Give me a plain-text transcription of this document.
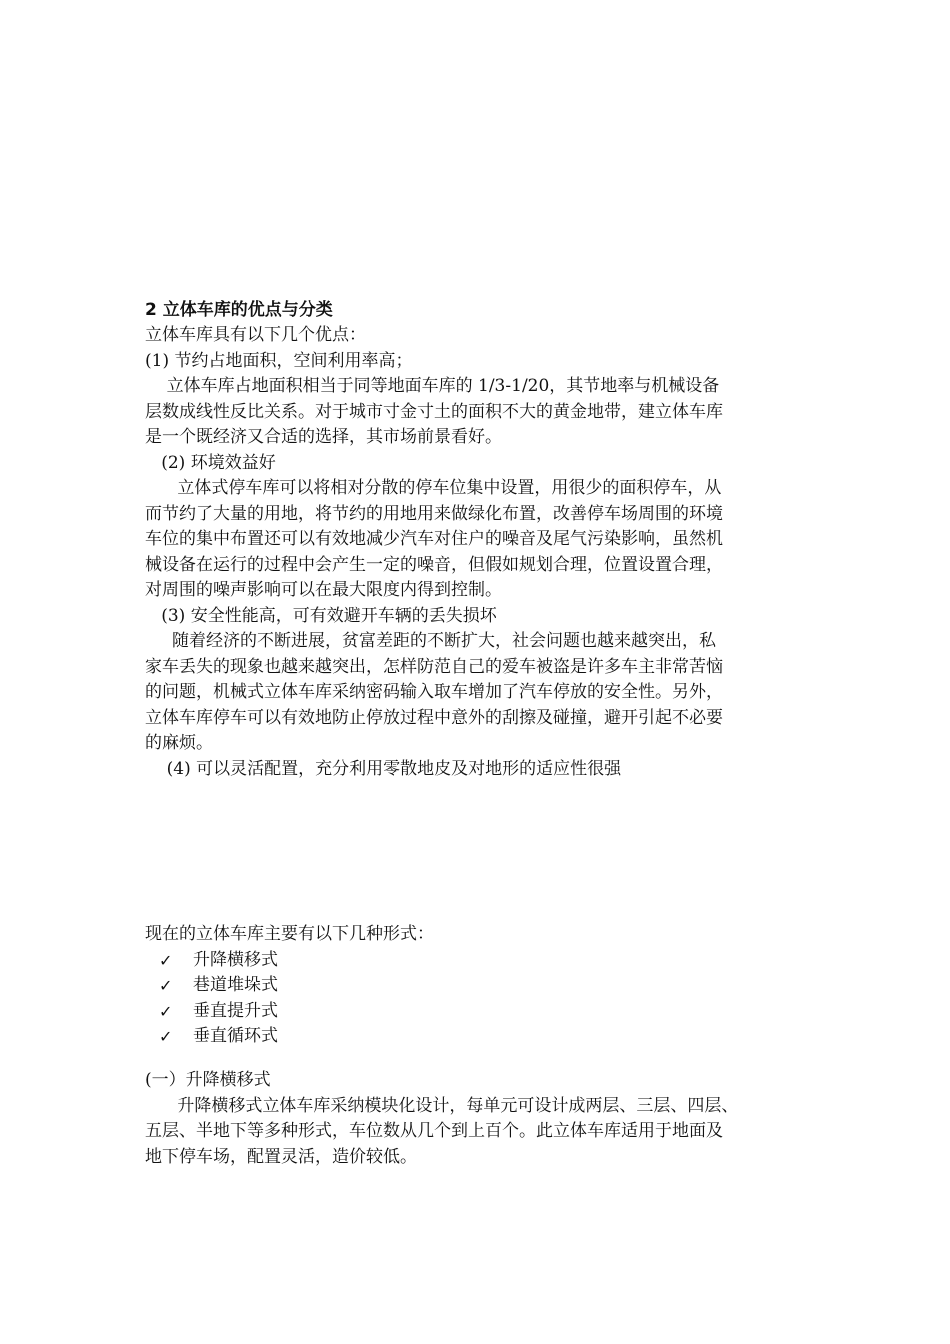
2 立体车库的优点与分类
立体车库具有以下几个优点：
(1) 节约占地面积，空间利用率高；
立体车库占地面积相当于同等地面车库的 1/3-1/20，其节地率与机械设备
层数成线性反比关系。对于城市寸金寸土的面积不大的黄金地带，建立体车库
是一个既经济又合适的选择，其市场前景看好。
(2) 环境效益好
立体式停车库可以将相对分散的停车位集中设置，用很少的面积停车，从
而节约了大量的用地，将节约的用地用来做绿化布置，改善停车场周围的环境
车位的集中布置还可以有效地减少汽车对住户的噪音及尾气污染影响，虽然机
械设备在运行的过程中会产生一定的噪音，但假如规划合理，位置设置合理，
对周围的噪声影响可以在最大限度内得到控制。
(3) 安全性能高，可有效避开车辆的丢失损坏
随着经济的不断进展，贫富差距的不断扩大，社会问题也越来越突出，私
家车丢失的现象也越来越突出，怎样防范自己的爱车被盗是许多车主非常苦恼
的问题，机械式立体车库采纳密码输入取车增加了汽车停放的安全性。另外，
立体车库停车可以有效地防止停放过程中意外的刮擦及碰撞，避开引起不必要
的麻烦。
(4) 可以灵活配置，充分利用零散地皮及对地形的适应性很强
现在的立体车库主要有以下几种形式：
✓ 升降横移式
✓ 巷道堆垛式
✓ 垂直提升式
✓ 垂直循环式
(一）升降横移式
升降横移式立体车库采纳模块化设计，每单元可设计成两层、三层、四层、
五层、半地下等多种形式，车位数从几个到上百个。此立体车库适用于地面及
地下停车场，配置灵活，造价较低。
